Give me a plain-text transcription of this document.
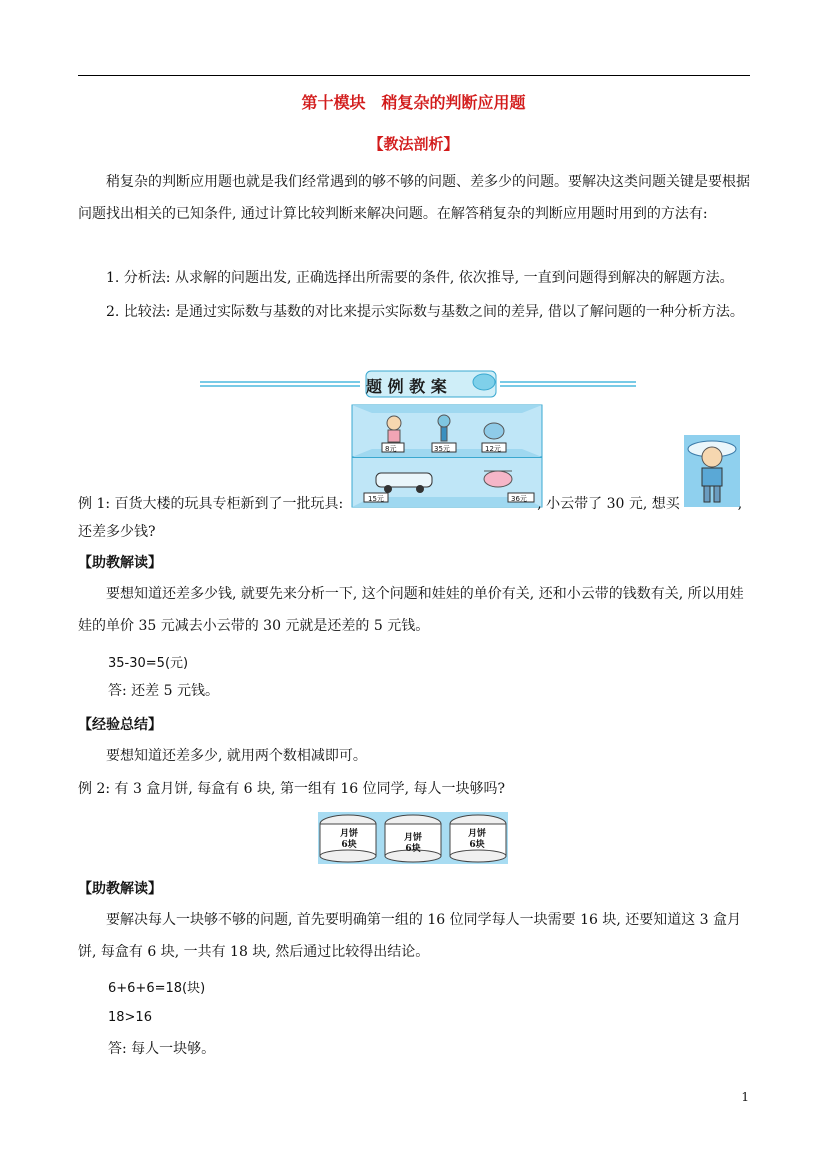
第十模块　稍复杂的判断应用题
【教法剖析】
稍复杂的判断应用题也就是我们经常遇到的够不够的问题、差多少的问题。要解决这类问题关键是要根据问题找出相关的已知条件, 通过计算比较判断来解决问题。在解答稍复杂的判断应用题时用到的方法有:
1. 分析法: 从求解的问题出发, 正确选择出所需要的条件, 依次推导, 一直到问题得到解决的解题方法。
2. 比较法: 是通过实际数与基数的对比来提示实际数与基数之间的差异, 借以了解问题的一种分析方法。
题 例 教 案
8元	35元	12元
15元	36元
例 1: 百货大楼的玩具专柜新到了一批玩具:	, 小云带了 30 元, 想买	,
还差多少钱?
【助教解读】
要想知道还差多少钱, 就要先来分析一下, 这个问题和娃娃的单价有关, 还和小云带的钱数有关, 所以用娃娃的单价 35 元减去小云带的 30 元就是还差的 5 元钱。
35-30=5(元)
答: 还差 5 元钱。
【经验总结】
要想知道还差多少, 就用两个数相减即可。
例 2: 有 3 盒月饼, 每盒有 6 块, 第一组有 16 位同学, 每人一块够吗?
月饼
6块
月饼
6块
月饼
6块
【助教解读】
要解决每人一块够不够的问题, 首先要明确第一组的 16 位同学每人一块需要 16 块, 还要知道这 3 盒月饼, 每盒有 6 块, 一共有 18 块, 然后通过比较得出结论。
6+6+6=18(块)
18>16
答: 每人一块够。
1
